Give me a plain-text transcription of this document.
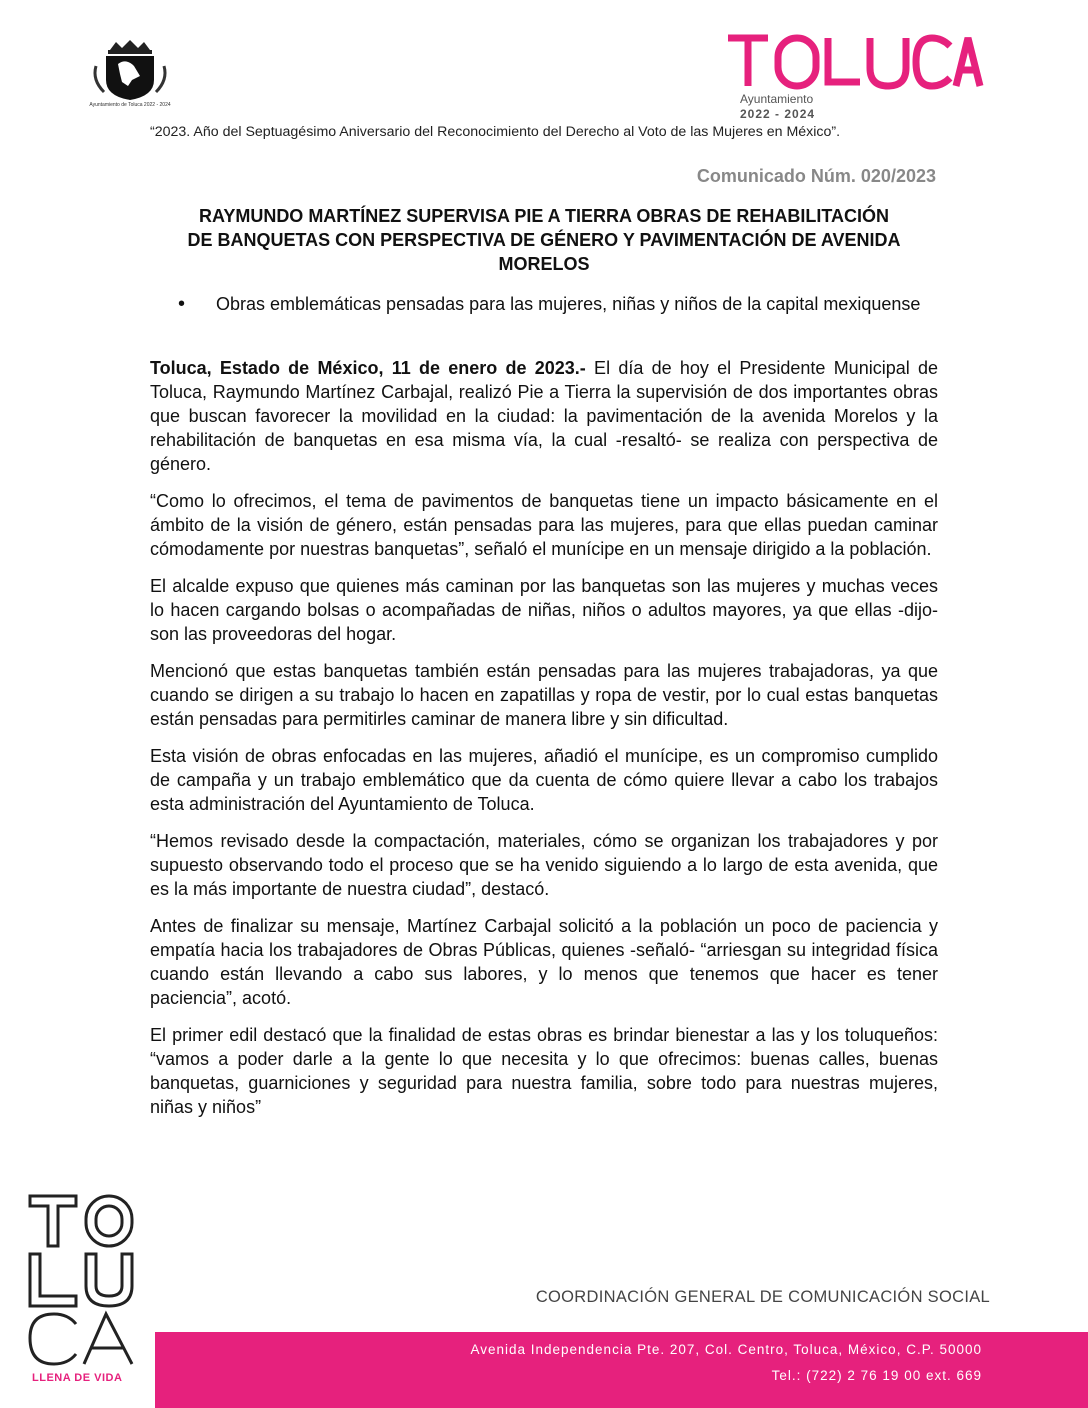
Ayuntamiento de Toluca 2022 - 2024	Ayuntamiento
2022 - 2024
“2023. Año del Septuagésimo Aniversario del Reconocimiento del Derecho al Voto de las Mujeres en México”.
Comunicado Núm. 020/2023
RAYMUNDO MARTÍNEZ SUPERVISA PIE A TIERRA OBRAS DE REHABILITACIÓN
DE BANQUETAS CON PERSPECTIVA DE GÉNERO Y PAVIMENTACIÓN DE AVENIDA
MORELOS
• Obras emblemáticas pensadas para las mujeres, niñas y niños de la capital mexiquense

Toluca, Estado de México, 11 de enero de 2023.- El día de hoy el Presidente Municipal de Toluca, Raymundo Martínez Carbajal, realizó Pie a Tierra la supervisión de dos importantes obras que buscan favorecer la movilidad en la ciudad: la pavimentación de la avenida Morelos y la rehabilitación de banquetas en esa misma vía, la cual -resaltó- se realiza con perspectiva de género.

“Como lo ofrecimos, el tema de pavimentos de banquetas tiene un impacto básicamente en el ámbito de la visión de género, están pensadas para las mujeres, para que ellas puedan caminar cómodamente por nuestras banquetas”, señaló el munícipe en un mensaje dirigido a la población.

El alcalde expuso que quienes más caminan por las banquetas son las mujeres y muchas veces lo hacen cargando bolsas o acompañadas de niñas, niños o adultos mayores, ya que ellas -dijo- son las proveedoras del hogar.

Mencionó que estas banquetas también están pensadas para las mujeres trabajadoras, ya que cuando se dirigen a su trabajo lo hacen en zapatillas y ropa de vestir, por lo cual estas banquetas están pensadas para permitirles caminar de manera libre y sin dificultad.

Esta visión de obras enfocadas en las mujeres, añadió el munícipe, es un compromiso cumplido de campaña y un trabajo emblemático que da cuenta de cómo quiere llevar a cabo los trabajos esta administración del Ayuntamiento de Toluca.

“Hemos revisado desde la compactación, materiales, cómo se organizan los trabajadores y por supuesto observando todo el proceso que se ha venido siguiendo a lo largo de esta avenida, que es la más importante de nuestra ciudad”, destacó.

Antes de finalizar su mensaje, Martínez Carbajal solicitó a la población un poco de paciencia y empatía hacia los trabajadores de Obras Públicas, quienes -señaló- “arriesgan su integridad física cuando están llevando a cabo sus labores, y lo menos que tenemos que hacer es tener paciencia”, acotó.

El primer edil destacó que la finalidad de estas obras es brindar bienestar a las y los toluqueños: “vamos a poder darle a la gente lo que necesita y lo que ofrecimos: buenas calles, buenas banquetas, guarniciones y seguridad para nuestra familia, sobre todo para nuestras mujeres, niñas y niños”

LLENA DE VIDA
COORDINACIÓN GENERAL DE COMUNICACIÓN SOCIAL
Avenida Independencia Pte. 207, Col. Centro, Toluca, México, C.P. 50000
Tel.: (722) 2 76 19 00 ext. 669
